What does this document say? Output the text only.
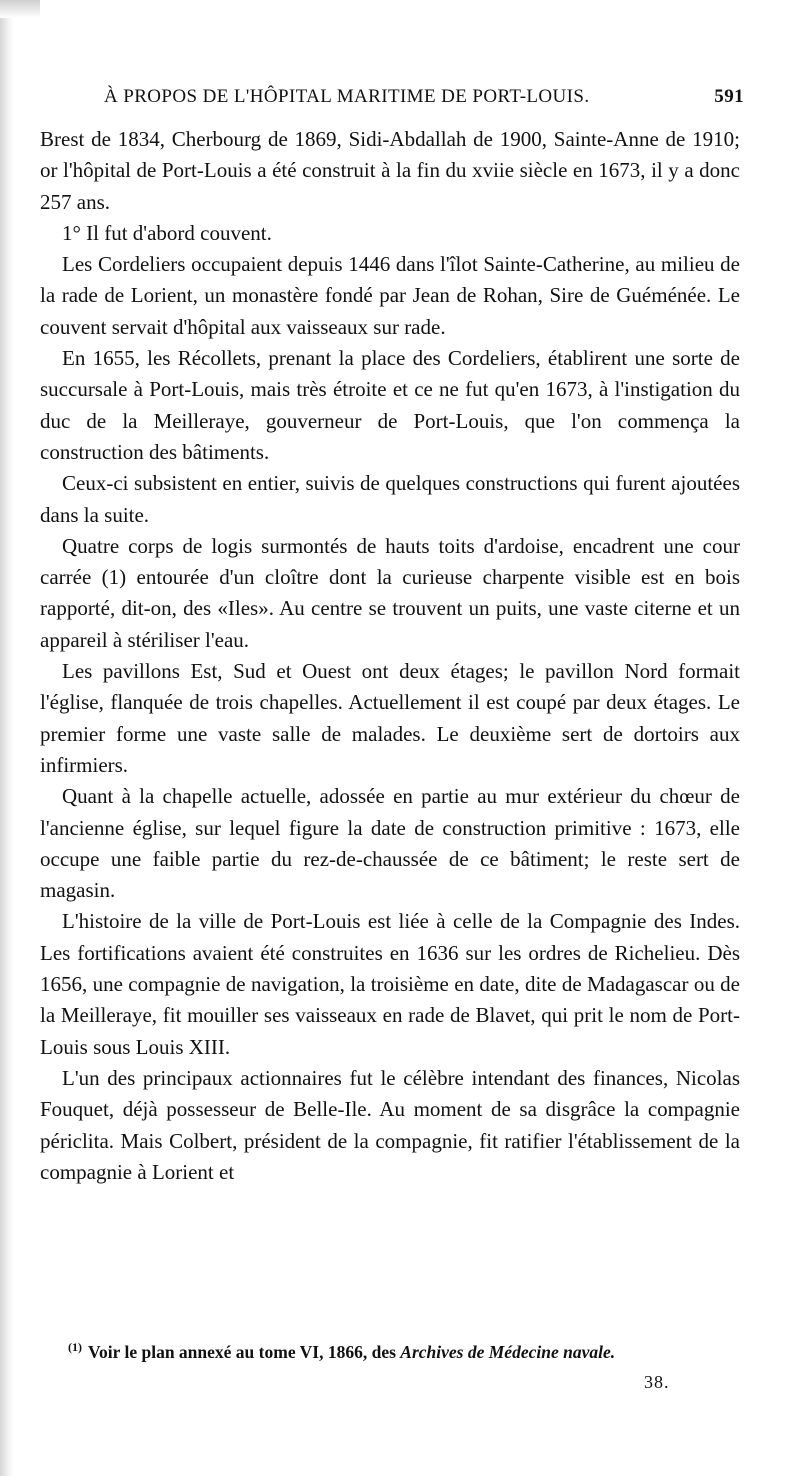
À PROPOS DE L'HÔPITAL MARITIME DE PORT-LOUIS.	591

Brest de 1834, Cherbourg de 1869, Sidi-Abdallah de 1900, Sainte-Anne de 1910; or l'hôpital de Port-Louis a été construit à la fin du xviie siècle en 1673, il y a donc 257 ans.

1° Il fut d'abord couvent.

Les Cordeliers occupaient depuis 1446 dans l'îlot Sainte-Catherine, au milieu de la rade de Lorient, un monastère fondé par Jean de Rohan, Sire de Guéménée. Le couvent servait d'hôpital aux vaisseaux sur rade.

En 1655, les Récollets, prenant la place des Cordeliers, établirent une sorte de succursale à Port-Louis, mais très étroite et ce ne fut qu'en 1673, à l'instigation du duc de la Meilleraye, gouverneur de Port-Louis, que l'on commença la construction des bâtiments.

Ceux-ci subsistent en entier, suivis de quelques constructions qui furent ajoutées dans la suite.

Quatre corps de logis surmontés de hauts toits d'ardoise, encadrent une cour carrée (1) entourée d'un cloître dont la curieuse charpente visible est en bois rapporté, dit-on, des «Iles». Au centre se trouvent un puits, une vaste citerne et un appareil à stériliser l'eau.

Les pavillons Est, Sud et Ouest ont deux étages; le pavillon Nord formait l'église, flanquée de trois chapelles. Actuellement il est coupé par deux étages. Le premier forme une vaste salle de malades. Le deuxième sert de dortoirs aux infirmiers.

Quant à la chapelle actuelle, adossée en partie au mur extérieur du chœur de l'ancienne église, sur lequel figure la date de construction primitive : 1673, elle occupe une faible partie du rez-de-chaussée de ce bâtiment; le reste sert de magasin.

L'histoire de la ville de Port-Louis est liée à celle de la Compagnie des Indes. Les fortifications avaient été construites en 1636 sur les ordres de Richelieu. Dès 1656, une compagnie de navigation, la troisième en date, dite de Madagascar ou de la Meilleraye, fit mouiller ses vaisseaux en rade de Blavet, qui prit le nom de Port-Louis sous Louis XIII.

L'un des principaux actionnaires fut le célèbre intendant des finances, Nicolas Fouquet, déjà possesseur de Belle-Ile. Au moment de sa disgrâce la compagnie périclita. Mais Colbert, président de la compagnie, fit ratifier l'établissement de la compagnie à Lorient et

$^{(1)}$ Voir le plan annexé au tome VI, 1866, des Archives de Médecine navale.
38.
